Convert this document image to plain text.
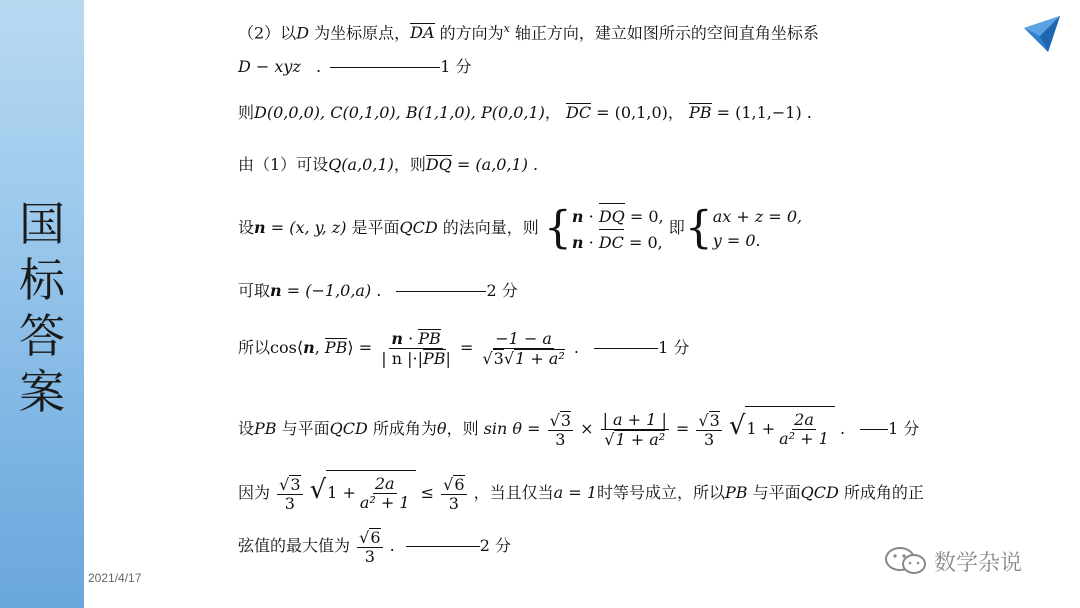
国
标
答
案
（2）以D 为坐标原点，DA 的方向为$^x$ 轴正方向，建立如图所示的空间直角坐标系
D − xyz .	1 分
则D(0,0,0), C(0,1,0), B(1,1,0), P(0,0,1)， DC = (0,1,0)， PB = (1,1,−1) .
由（1）可设Q(a,0,1)，则DQ = (a,0,1) .
设n = (x, y, z) 是平面QCD 的法向量，则 { n · DQ = 0,
n · DC = 0,
即{ ax + z = 0,
y = 0.
可取n = (−1,0,a) .	2 分
所以cos⟨n, PB⟩ = $\frac{n \cdot PB}{| n |\cdot|PB|} = \frac{-1 - a}{\text{√3√1 + a²}}$ .	1 分
设PB 与平面QCD 所成角为θ，则 $\sin \theta = \frac{√3}{3} \times \frac{| a + 1 |}{\text{√1 + a²}} = \frac{√3}{3} √1 + \frac{2a}{\text{a² + 1}}$ .	1 分
因为 $\frac{√3}{3} √1 + \frac{2a}{\text{a² + 1}} \le \frac{√6}{3}$ ，当且仅当a = 1时等号成立，所以PB 与平面QCD 所成角的正
弦值的最大值为 $\frac{√6}{3}$ .	2 分
2021/4/17
数学杂说
